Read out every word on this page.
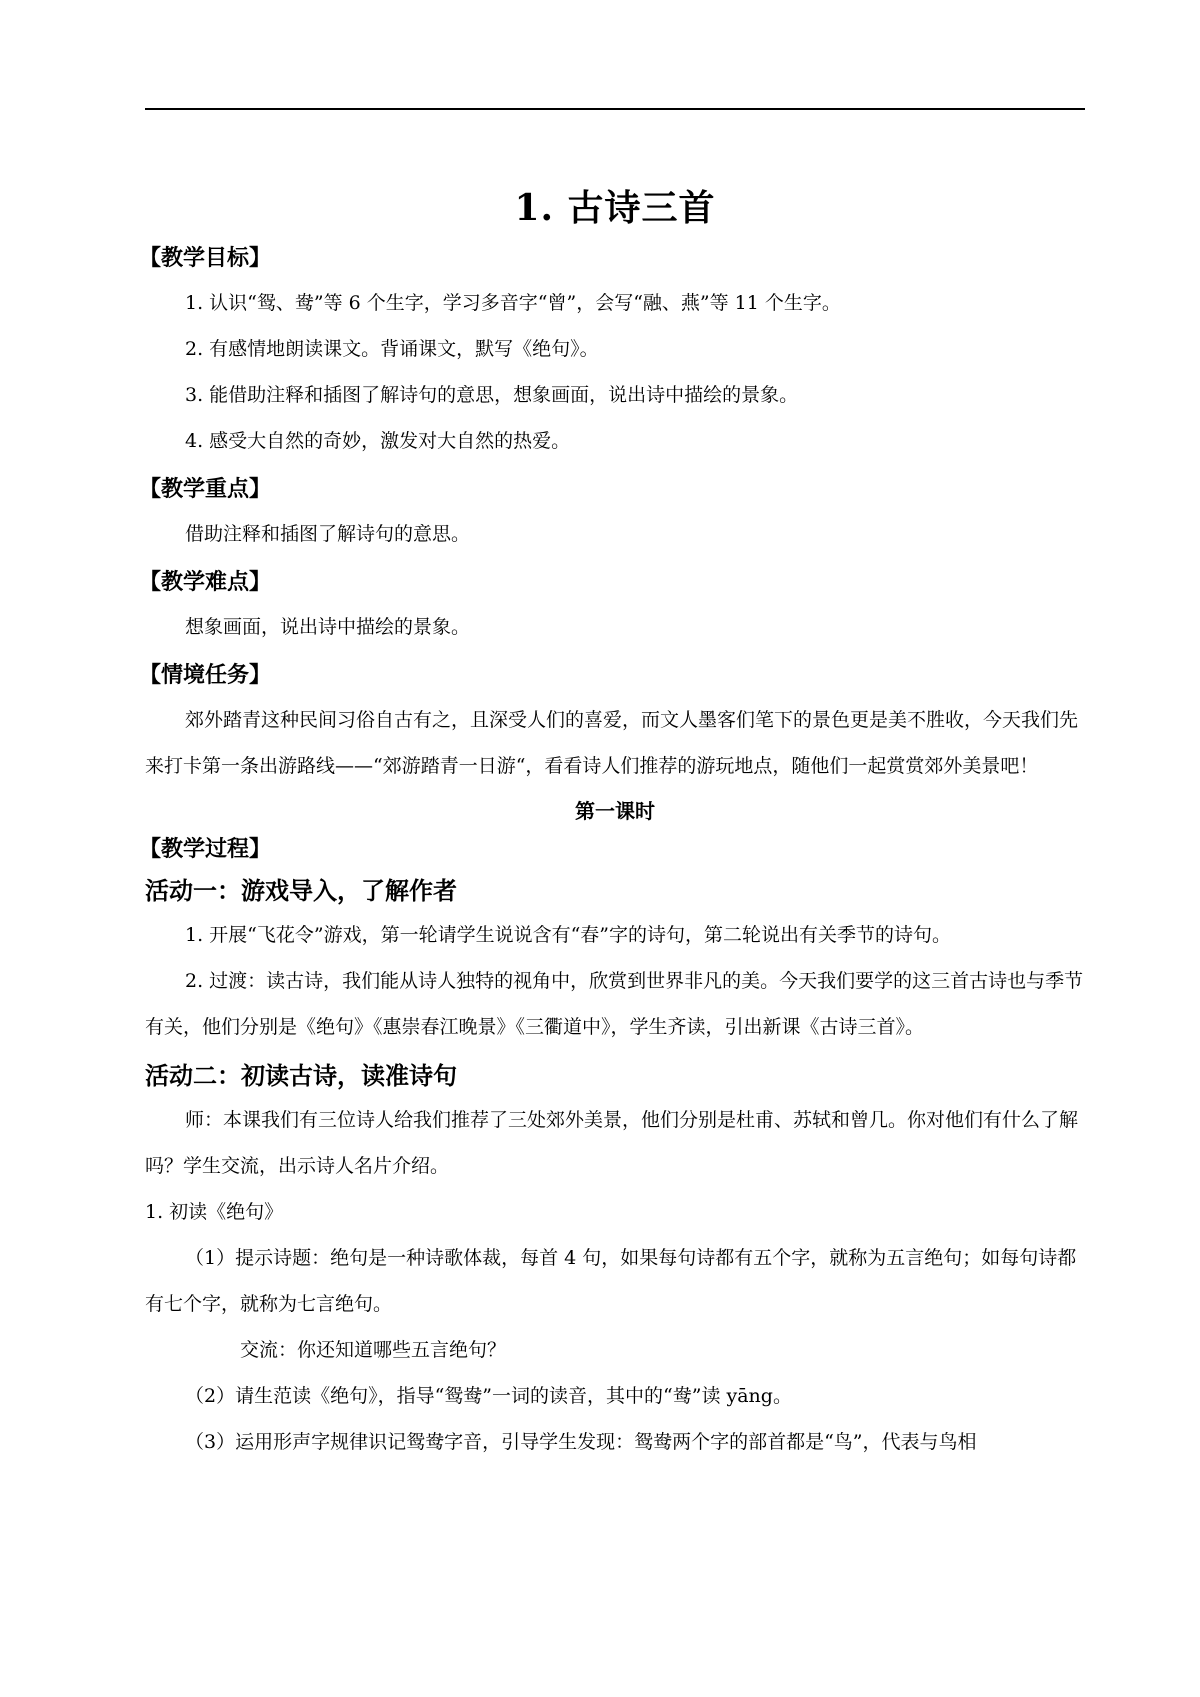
1. 古诗三首
【教学目标】

1. 认识“鸳、鸯”等 6 个生字，学习多音字“曾”，会写“融、燕”等 11 个生字。

2. 有感情地朗读课文。背诵课文，默写《绝句》。

3. 能借助注释和插图了解诗句的意思，想象画面，说出诗中描绘的景象。

4. 感受大自然的奇妙，激发对大自然的热爱。

【教学重点】

借助注释和插图了解诗句的意思。

【教学难点】

想象画面，说出诗中描绘的景象。

【情境任务】

郊外踏青这种民间习俗自古有之，且深受人们的喜爱，而文人墨客们笔下的景色更是美不胜收，今天我们先来打卡第一条出游路线——“郊游踏青一日游“，看看诗人们推荐的游玩地点，随他们一起赏赏郊外美景吧！

第一课时
【教学过程】
活动一：游戏导入，了解作者

1. 开展“飞花令”游戏，第一轮请学生说说含有“春”字的诗句，第二轮说出有关季节的诗句。

2. 过渡：读古诗，我们能从诗人独特的视角中，欣赏到世界非凡的美。今天我们要学的这三首古诗也与季节有关，他们分别是《绝句》《惠崇春江晚景》《三衢道中》，学生齐读，引出新课《古诗三首》。

活动二：初读古诗，读准诗句

师：本课我们有三位诗人给我们推荐了三处郊外美景，他们分别是杜甫、苏轼和曾几。你对他们有什么了解吗？学生交流，出示诗人名片介绍。

1. 初读《绝句》

（1）提示诗题：绝句是一种诗歌体裁，每首 4 句，如果每句诗都有五个字，就称为五言绝句；如每句诗都有七个字，就称为七言绝句。

交流：你还知道哪些五言绝句？

（2）请生范读《绝句》，指导“鸳鸯”一词的读音，其中的“鸯”读 yāng。

（3）运用形声字规律识记鸳鸯字音，引导学生发现：鸳鸯两个字的部首都是“鸟”，代表与鸟相
